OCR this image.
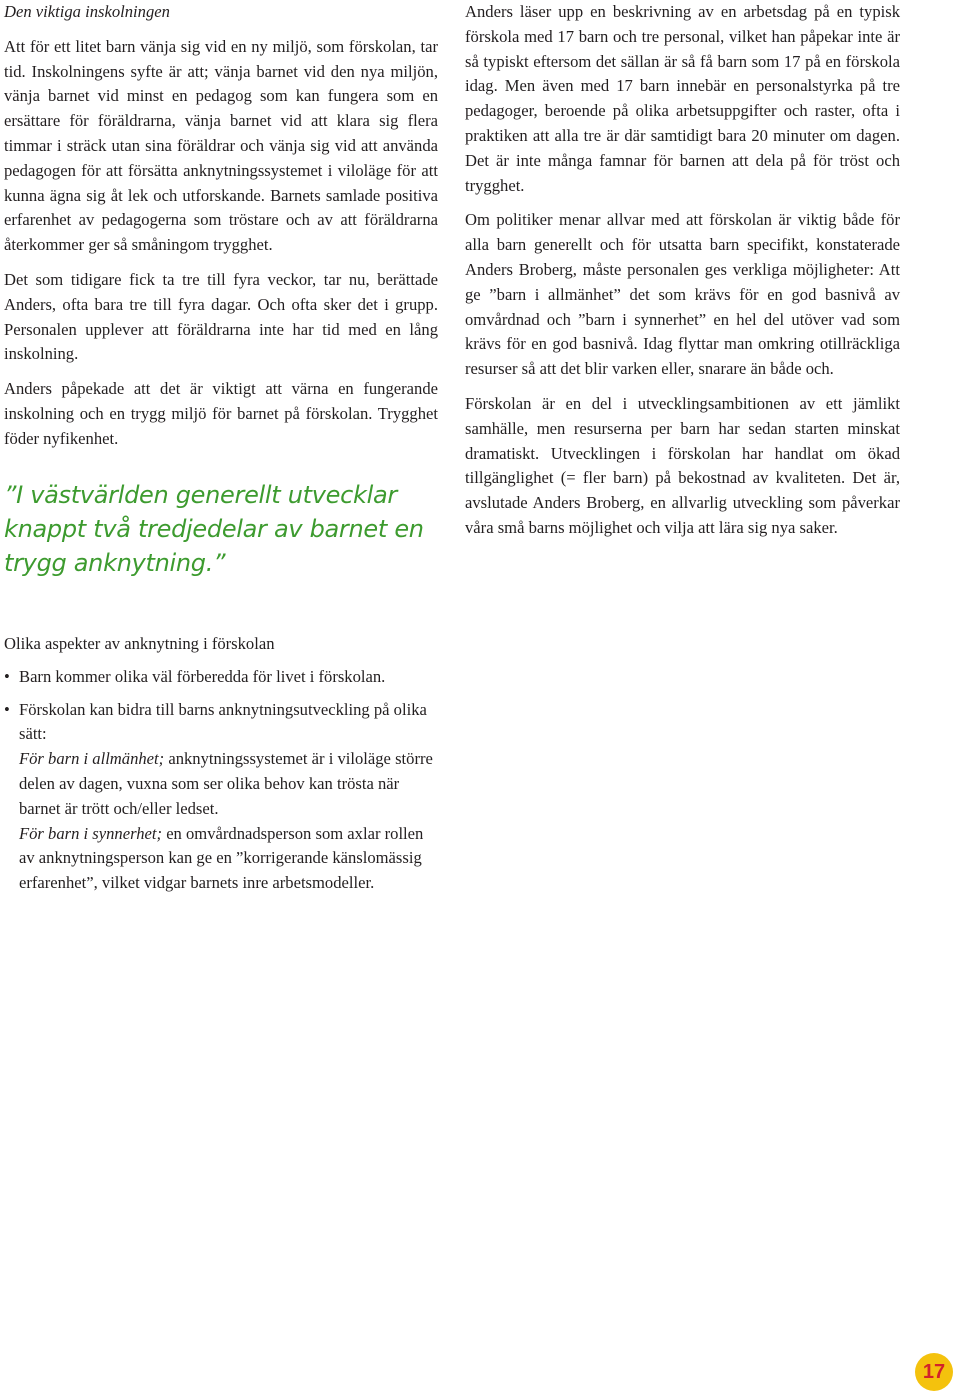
Den viktiga inskolningen

Att för ett litet barn vänja sig vid en ny miljö, som förskolan, tar tid. Inskolningens syfte är att; vänja barnet vid den nya miljön, vänja barnet vid minst en pedagog som kan fungera som en ersättare för föräldrarna, vänja barnet vid att klara sig flera timmar i sträck utan sina föräldrar och vänja sig vid att använda pedagogen för att försätta anknytningssystemet i viloläge för att kunna ägna sig åt lek och utforskande. Barnets samlade positiva erfarenhet av pedagogerna som tröstare och av att föräldrarna återkommer ger så småningom trygghet.

Det som tidigare fick ta tre till fyra veckor, tar nu, berättade Anders, ofta bara tre till fyra dagar. Och ofta sker det i grupp. Personalen upplever att föräldrarna inte har tid med en lång inskolning.

Anders påpekade att det är viktigt att värna en fungerande inskolning och en trygg miljö för barnet på förskolan. Trygghet föder nyfikenhet.

”I västvärlden generellt utvecklar knappt två tredjedelar av barnet en trygg anknytning.”

Anders läser upp en beskrivning av en arbetsdag på en typisk förskola med 17 barn och tre personal, vilket han påpekar inte är så typiskt eftersom det sällan är så få barn som 17 på en förskola idag. Men även med 17 barn innebär en personalstyrka på tre pedagoger, beroende på olika arbetsuppgifter och raster, ofta i praktiken att alla tre är där samtidigt bara 20 minuter om dagen. Det är inte många famnar för barnen att dela på för tröst och trygghet.

Om politiker menar allvar med att förskolan är viktig både för alla barn generellt och för utsatta barn specifikt, konstaterade Anders Broberg, måste personalen ges verkliga möjligheter: Att ge ”barn i allmänhet” det som krävs för en god basnivå av omvårdnad och ”barn i synnerhet” en hel del utöver vad som krävs för en god basnivå. Idag flyttar man omkring otillräckliga resurser så att det blir varken eller, snarare än både och.

Förskolan är en del i utvecklingsambitionen av ett jämlikt samhälle, men resurserna per barn har sedan starten minskat dramatiskt. Utvecklingen i förskolan har handlat om ökad tillgänglighet (= fler barn) på bekostnad av kvaliteten. Det är, avslutade Anders Broberg, en allvarlig utveckling som påverkar våra små barns möjlighet och vilja att lära sig nya saker.

Olika aspekter av anknytning i förskolan

• Barn kommer olika väl förberedda för livet i förskolan.
• Förskolan kan bidra till barns anknytningsutveckling på olika sätt:
För barn i allmänhet; anknytningssystemet är i viloläge större delen av dagen, vuxna som ser olika behov kan trösta när barnet är trött och/eller ledset.
För barn i synnerhet; en omvårdnadsperson som axlar rollen av anknytningsperson kan ge en ”korrigerande känslomässig erfarenhet”, vilket vidgar barnets inre arbetsmodeller.
17
